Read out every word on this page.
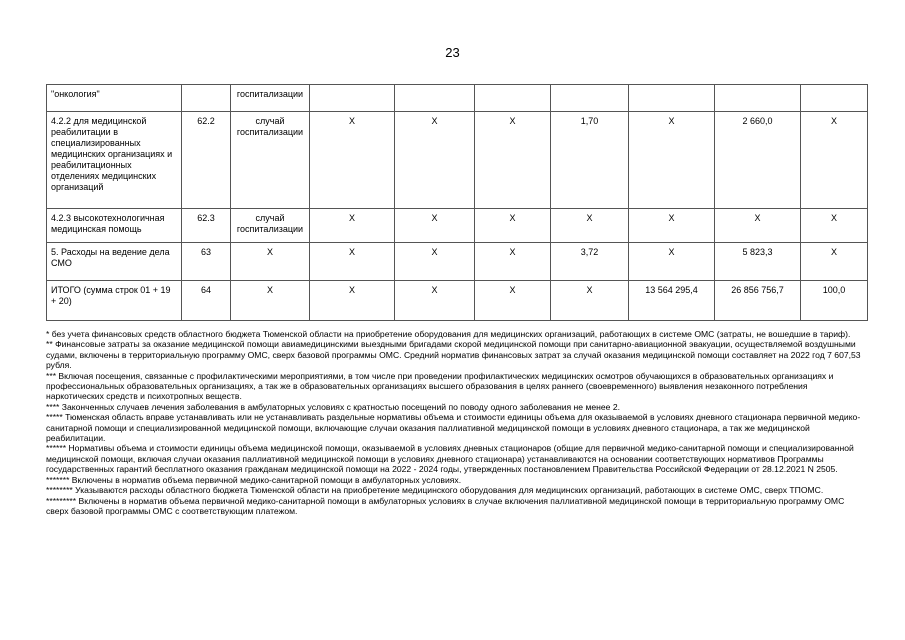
23
"онкология"		госпитализации							
4.2.2 для медицинской реабилитации в специализированных медицинских организациях и реабилитационных отделениях медицинских организаций	62.2	случай госпитализации	X	X	X	1,70	X	2 660,0	X
4.2.3 высокотехнологичная медицинская помощь	62.3	случай госпитализации	X	X	X	X	X	X	X
5. Расходы на ведение дела СМО	63	X	X	X	X	3,72	X	5 823,3	X
ИТОГО (сумма строк 01 + 19 + 20)	64	X	X	X	X	X	13 564 295,4	26 856 756,7	100,0

* без учета финансовых средств областного бюджета Тюменской области на приобретение оборудования для медицинских организаций, работающих в системе ОМС (затраты, не вошедшие в тариф).

** Финансовые затраты за оказание медицинской помощи авиамедицинскими выездными бригадами скорой медицинской помощи при санитарно-авиационной эвакуации, осуществляемой воздушными судами, включены в территориальную программу ОМС, сверх базовой программы ОМС. Средний норматив финансовых затрат за случай оказания медицинской помощи составляет на 2022 год 7 607,53 рубля.

*** Включая посещения, связанные с профилактическими мероприятиями, в том числе при проведении профилактических медицинских осмотров обучающихся в образовательных организациях и профессиональных образовательных организациях, а так же в образовательных организациях высшего образования в целях раннего (своевременного) выявления незаконного потребления наркотических средств и психотропных веществ.

**** Законченных случаев лечения заболевания в амбулаторных условиях с кратностью посещений по поводу одного заболевания не менее 2.

***** Тюменская область вправе устанавливать или не устанавливать раздельные нормативы объема и стоимости единицы объема для оказываемой в условиях дневного стационара первичной медико-санитарной помощи и специализированной медицинской помощи, включающие случаи оказания паллиативной медицинской помощи в условиях дневного стационара, а так же медицинской реабилитации.

****** Нормативы объема и стоимости единицы объема медицинской помощи, оказываемой в условиях дневных стационаров (общие для первичной медико-санитарной помощи и специализированной медицинской помощи, включая случаи оказания паллиативной медицинской помощи в условиях дневного стационара) устанавливаются на основании соответствующих нормативов Программы государственных гарантий бесплатного оказания гражданам медицинской помощи на 2022 - 2024 годы, утвержденных постановлением Правительства Российской Федерации от 28.12.2021 N 2505.

******* Включены в норматив объема первичной медико-санитарной помощи в амбулаторных условиях.

******** Указываются расходы областного бюджета Тюменской области на приобретение медицинского оборудования для медицинских организаций, работающих в системе ОМС, сверх ТПОМС.

********* Включены в норматив объема первичной медико-санитарной помощи в амбулаторных условиях в случае включения паллиативной медицинской помощи в территориальную программу ОМС сверх базовой программы ОМС с соответствующим платежом.
